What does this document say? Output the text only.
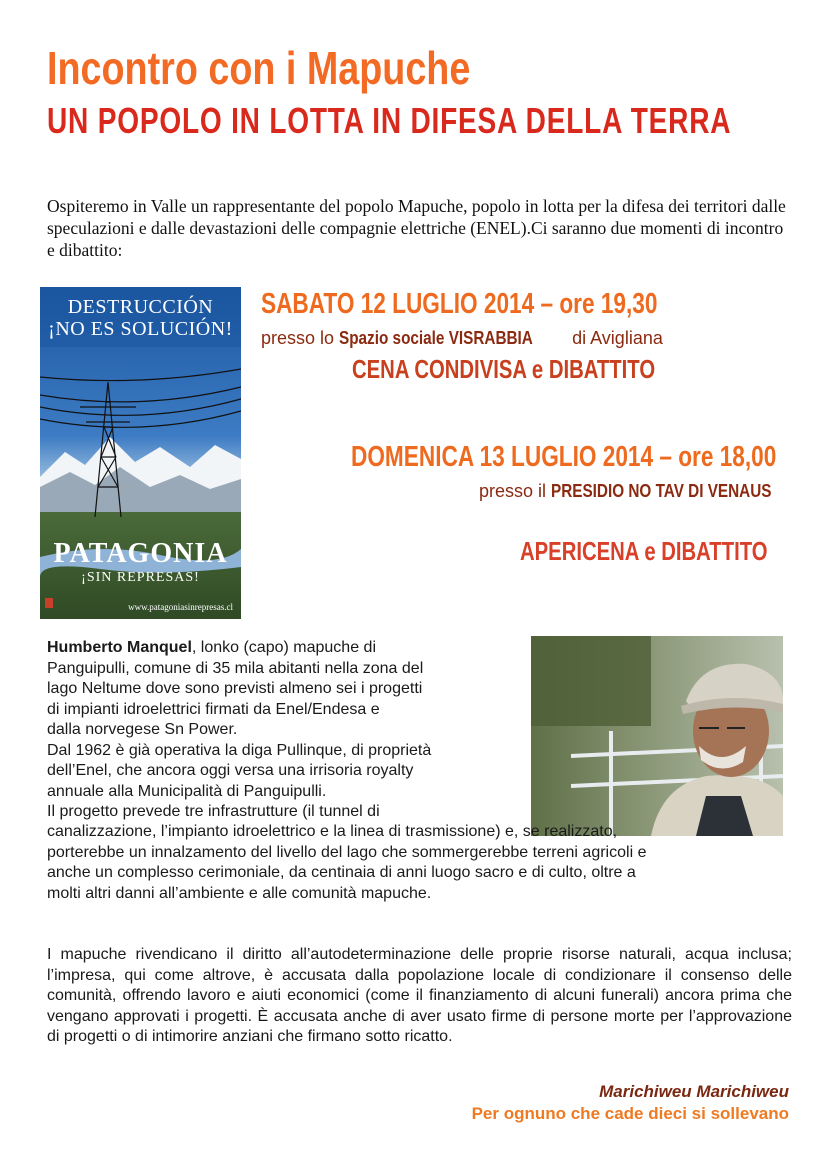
Incontro con i Mapuche
UN POPOLO IN LOTTA IN DIFESA DELLA TERRA

Ospiteremo in Valle un rappresentante del popolo Mapuche, popolo in lotta per la difesa dei territori dalle speculazioni e dalle devastazioni delle compagnie elettriche (ENEL).Ci saranno due momenti di incontro e dibattito:

DESTRUCCIÓN
¡NO ES SOLUCIÓN!
PATAGONIA
¡SIN REPRESAS!
www.patagoniasinrepresas.cl

SABATO 12 LUGLIO 2014 – ore 19,30

presso lo Spazio sociale VISRABBIA di Avigliana

CENA CONDIVISA e DIBATTITO

DOMENICA 13 LUGLIO 2014 – ore 18,00

presso il PRESIDIO NO TAV DI VENAUS

APERICENA e DIBATTITO

Humberto Manquel, lonko (capo) mapuche di
Panguipulli, comune di 35 mila abitanti nella zona del
lago Neltume dove sono previsti almeno sei i progetti
di impianti idroelettrici firmati da Enel/Endesa e
dalla norvegese Sn Power.
Dal 1962 è già operativa la diga Pullinque, di proprietà
dell’Enel, che ancora oggi versa una irrisoria royalty
annuale alla Municipalità di Panguipulli.
Il progetto prevede tre infrastrutture (il tunnel di

canalizzazione, l’impianto idroelettrico e la linea di trasmissione) e, se realizzato,
porterebbe un innalzamento del livello del lago che sommergerebbe terreni agricoli e
anche un complesso cerimoniale, da centinaia di anni luogo sacro e di culto, oltre a
molti altri danni all’ambiente e alle comunità mapuche.

I mapuche rivendicano il diritto all’autodeterminazione delle proprie risorse naturali, acqua inclusa; l’impresa, qui come altrove, è accusata dalla popolazione locale di condizionare il consenso delle comunità, offrendo lavoro e aiuti economici (come il finanziamento di alcuni funerali) ancora prima che vengano approvati i progetti. È accusata anche di aver usato firme di persone morte per l’approvazione di progetti o di intimorire anziani che firmano sotto ricatto.

Marichiweu Marichiweu

Per ognuno che cade dieci si sollevano
